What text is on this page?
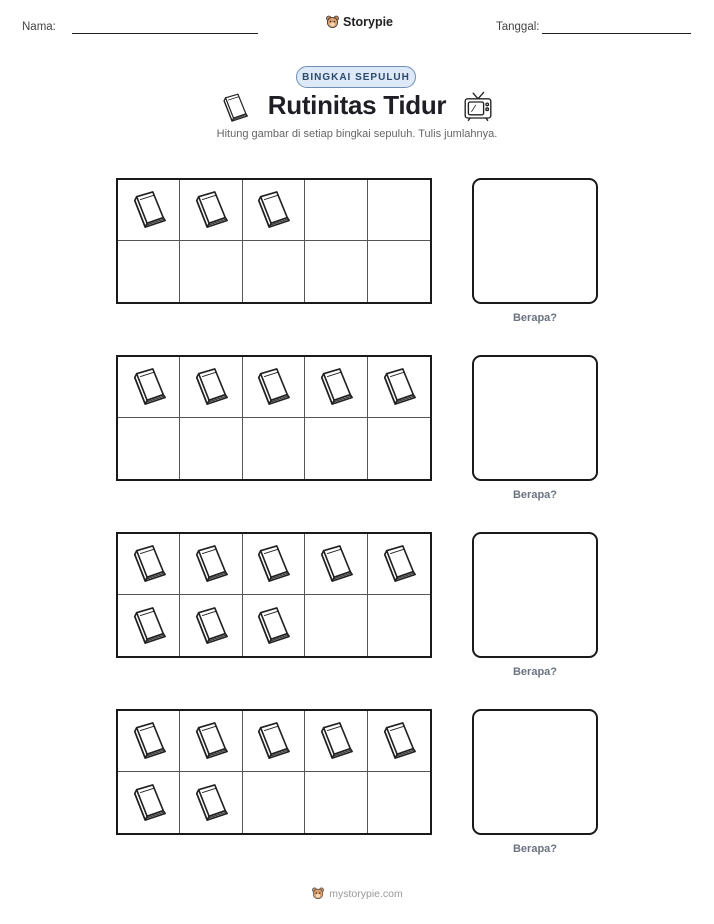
Nama:	Storypie	Tanggal:
BINGKAI SEPULUH
Rutinitas Tidur
Hitung gambar di setiap bingkai sepuluh. Tulis jumlahnya.
Berapa?
Berapa?
Berapa?
Berapa?
mystorypie.com
